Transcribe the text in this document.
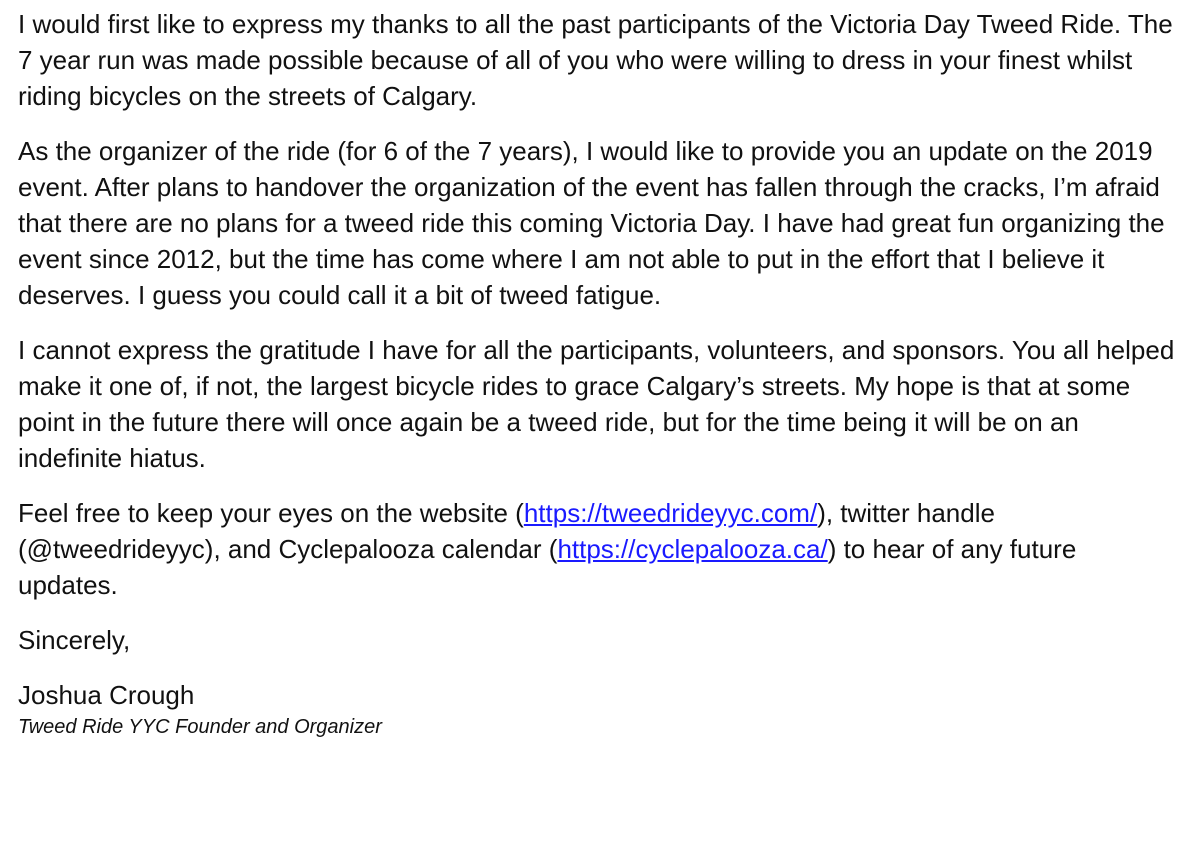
I would first like to express my thanks to all the past participants of the Victoria Day Tweed Ride. The 7 year run was made possible because of all of you who were willing to dress in your finest whilst riding bicycles on the streets of Calgary.

As the organizer of the ride (for 6 of the 7 years), I would like to provide you an update on the 2019 event. After plans to handover the organization of the event has fallen through the cracks, I’m afraid that there are no plans for a tweed ride this coming Victoria Day. I have had great fun organizing the event since 2012, but the time has come where I am not able to put in the effort that I believe it deserves. I guess you could call it a bit of tweed fatigue.

I cannot express the gratitude I have for all the participants, volunteers, and sponsors. You all helped make it one of, if not, the largest bicycle rides to grace Calgary’s streets. My hope is that at some point in the future there will once again be a tweed ride, but for the time being it will be on an indefinite hiatus.

Feel free to keep your eyes on the website (https://tweedrideyyc.com/), twitter handle (@tweedrideyyc), and Cyclepalooza calendar (https://cyclepalooza.ca/) to hear of any future updates.

Sincerely,

Joshua Crough

Tweed Ride YYC Founder and Organizer
